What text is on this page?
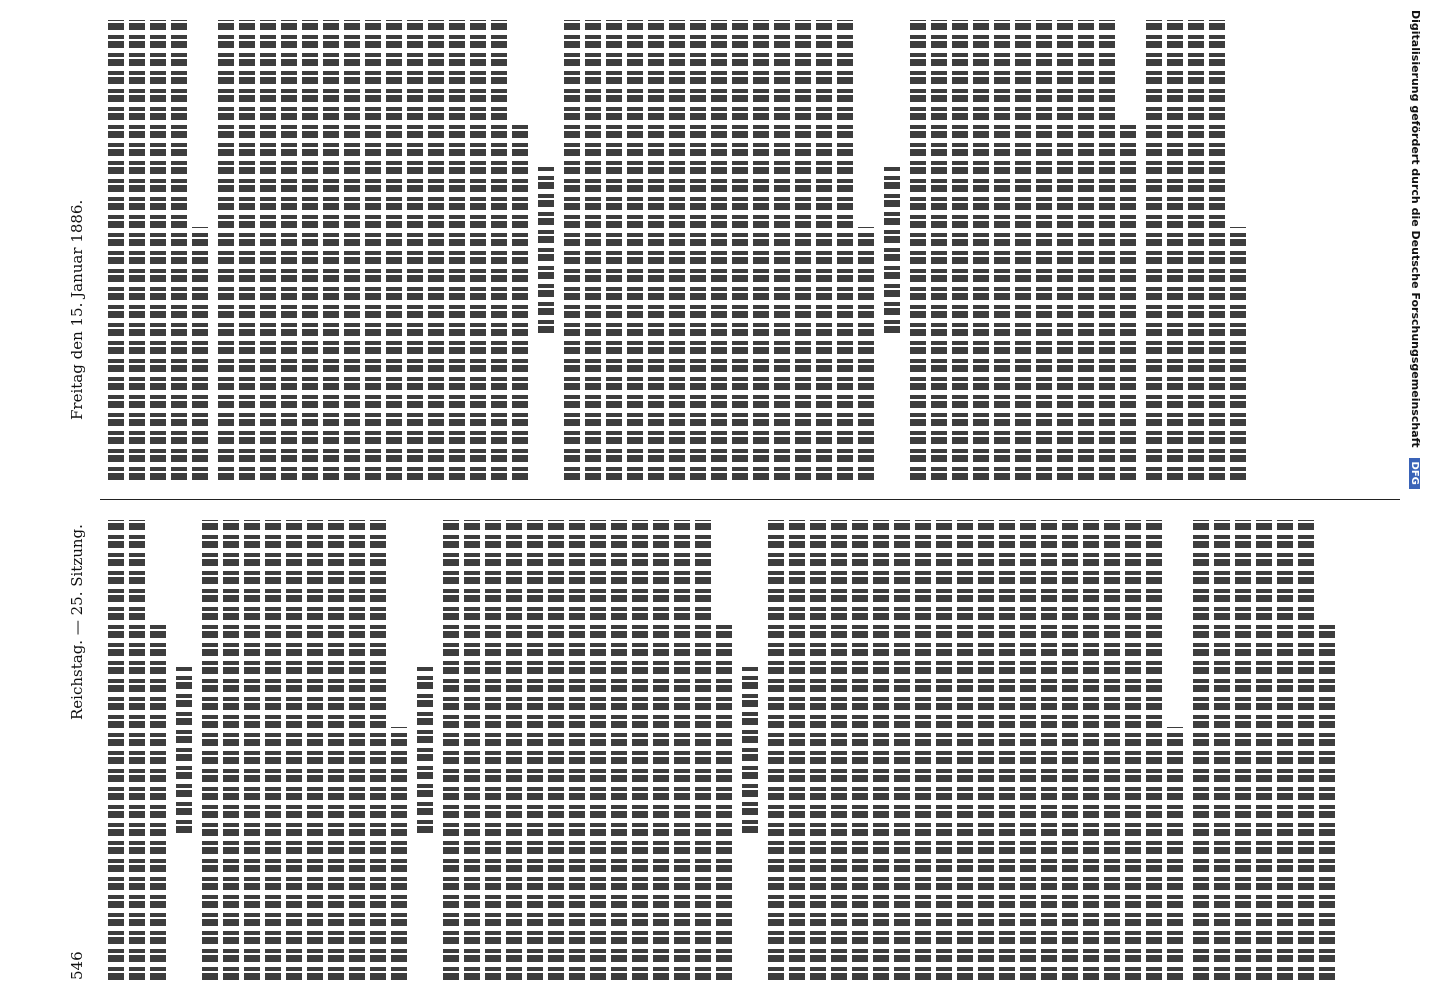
546
Reichstag. — 25. Sitzung.
Freitag den 15. Januar 1886.	Digitalisierung gefördert durch die Deutsche Forschungsgemeinschaft DFG
